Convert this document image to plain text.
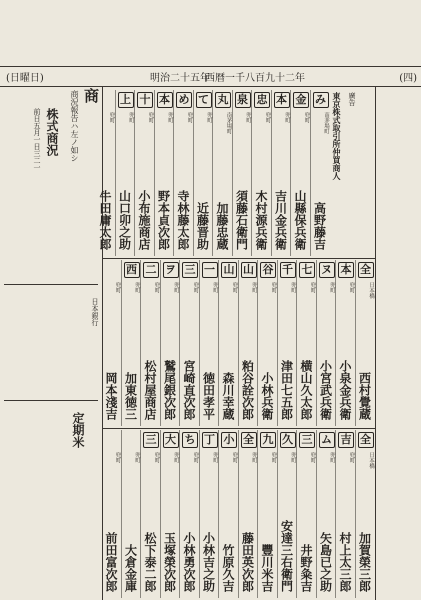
(四)
西暦一千八百九十二年
明治二十五年
(日曜日)
商
商況報告ハ左ノ如シ
株式商況
前日五月一日三二一
日本銀行
定期米
廣告
東京株式取引所仲買商人
み
南茅場町
高野藤吉
金
兜町
山縣保兵衛
本
兜町
吉川金兵衛
忠
兜町
木村源兵衛
泉
兜町
須藤石衛門
丸
南茅場町
加藤忠蔵
て
兜町
近藤晋助
め
兜町
寺林藤太郎
本
兜町
野本貞次郎
十
兜町
小布施商店
上
兜町
山口卯之助
兜町
牛田庸太郎
全
日本橋
西村覺蔵
本
兜町
小泉金兵衛
ヌ
兜町
小宮武兵衛
七
兜町
横山久太郎
千
兜町
津田七五郎
谷
兜町
小林兵衛
山
兜町
粕谷詮次郎
山
兜町
森川幸蔵
一
兜町
徳田孝平
三
兜町
宮崎直次郎
ヲ
兜町
鷲尾銀次郎
二
兜町
松村屋商店
西
兜町
加東徳三
兜町
岡本淺吉
全
日本橋
加賀榮三郎
吉
兜町
村上太三郎
ム
兜町
矢島已之助
三
兜町
井野粂吉
久
兜町
安達三右衛門
九
兜町
豐川米吉
全
兜町
藤田英次郎
小
兜町
竹原久吉
丁
兜町
小林吉之助
ち
兜町
小林勇次郎
大
兜町
玉塚榮次郎
三
兜町
松下泰二郎
兜町
大倉金庫
兜町
前田富次郎
